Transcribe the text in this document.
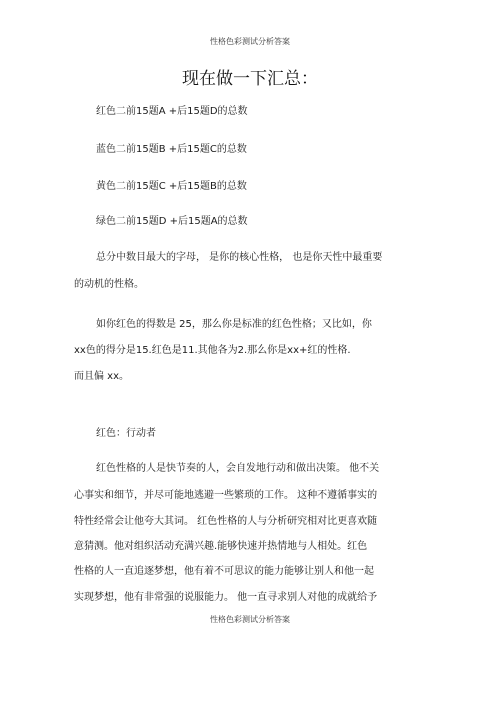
性格色彩测试分析答案
现在做一下汇总：
红色二前15题A +后15题D的总数
蓝色二前15题B +后15题C的总数
黄色二前15题C +后15题B的总数
绿色二前15题D +后15题A的总数
总分中数目最大的字母， 是你的核心性格， 也是你天性中最重要
的动机的性格。
如你红色的得数是 25，那么你是标准的红色性格；又比如，你
xx色的得分是15.红色是11.其他各为2.那么你是xx+红的性格.
而且偏 xx。
红色：行动者
红色性格的人是快节奏的人，会自发地行动和做出决策。 他不关
心事实和细节，并尽可能地逃避一些繁琐的工作。 这种不遵循事实的
特性经常会让他夸大其词。 红色性格的人与分析研究相对比更喜欢随
意猜测。他对组织活动充满兴趣.能够快速并热情地与人相处。红色
性格的人一直追逐梦想，他有着不可思议的能力能够让别人和他一起
实现梦想，他有非常强的说服能力。 他一直寻求别人对他的成就给予
性格色彩测试分析答案
